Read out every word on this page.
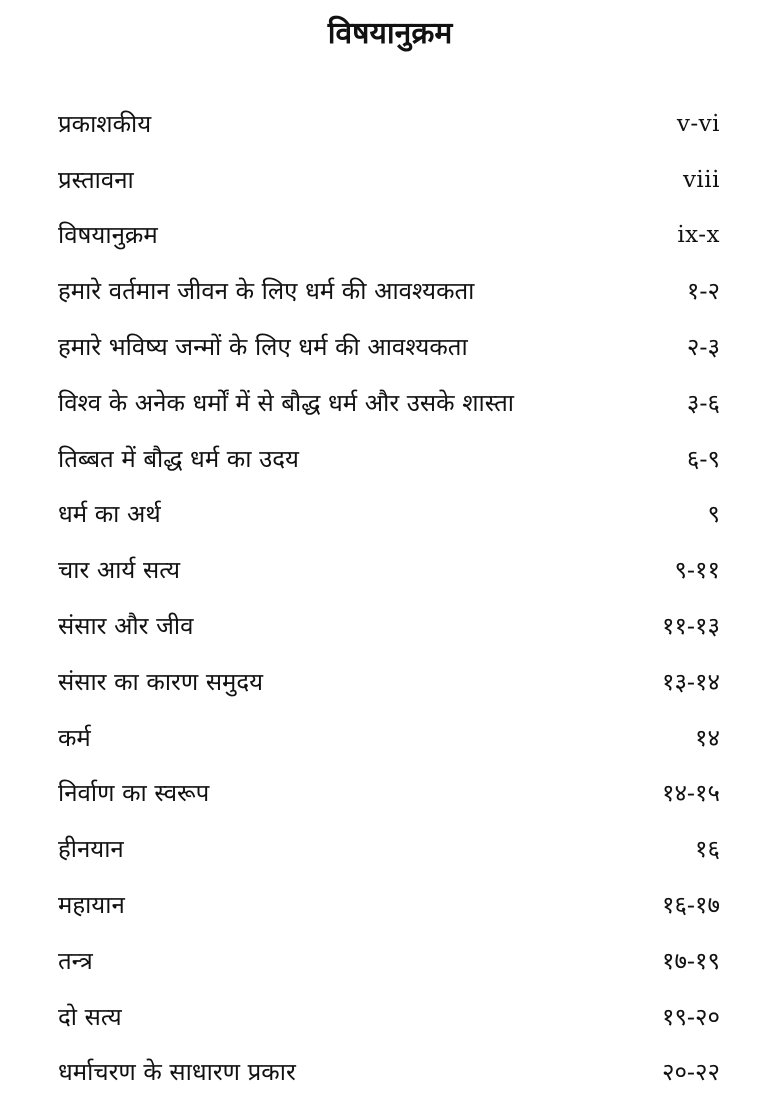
विषयानुक्रम
प्रकाशकीय	v-vi
प्रस्तावना	viii
विषयानुक्रम	ix-x
हमारे वर्तमान जीवन के लिए धर्म की आवश्यकता	१-२
हमारे भविष्य जन्मों के लिए धर्म की आवश्यकता	२-३
विश्व के अनेक धर्मों में से बौद्ध धर्म और उसके शास्ता	३-६
तिब्बत में बौद्ध धर्म का उदय	६-९
धर्म का अर्थ	९
चार आर्य सत्य	९-११
संसार और जीव	११-१३
संसार का कारण समुदय	१३-१४
कर्म	१४
निर्वाण का स्वरूप	१४-१५
हीनयान	१६
महायान	१६-१७
तन्त्र	१७-१९
दो सत्य	१९-२०
धर्माचरण के साधारण प्रकार	२०-२२
